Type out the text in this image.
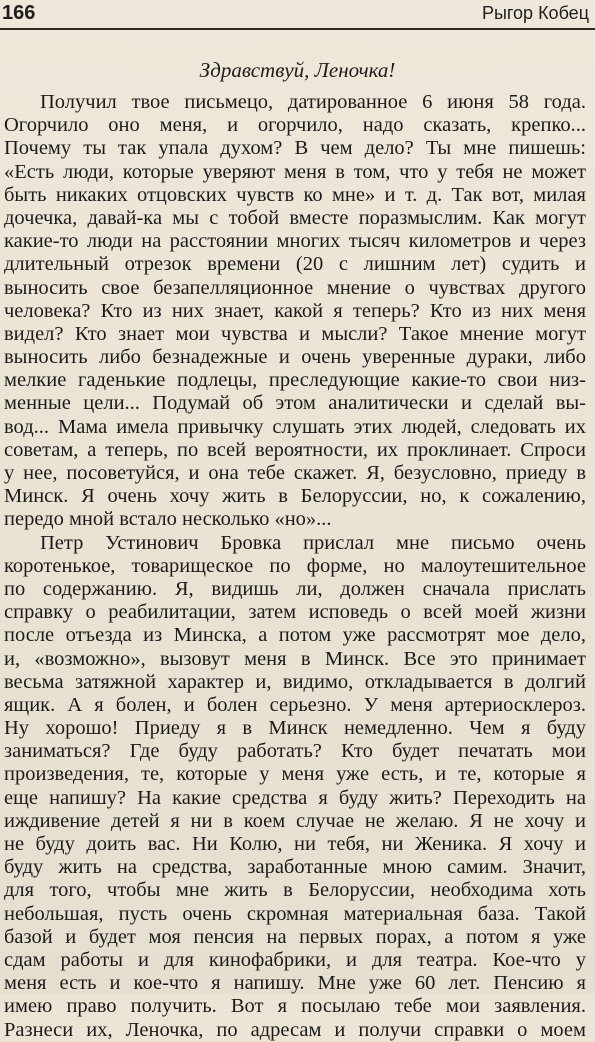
166	Рыгор Кобец
Здравствуй, Леночка!
Получил твое письмецо, датированное 6 июня 58 года.
Огорчило оно меня, и огорчило, надо сказать, крепко...
Почему ты так упала духом? В чем дело? Ты мне пишешь:
«Есть люди, которые уверяют меня в том, что у тебя не может
быть никаких отцовских чувств ко мне» и т. д. Так вот, милая
дочечка, давай-ка мы с тобой вместе поразмыслим. Как могут
какие-то люди на расстоянии многих тысяч километров и через
длительный отрезок времени (20 с лишним лет) судить и
выносить свое безапелляционное мнение о чувствах другого
человека? Кто из них знает, какой я теперь? Кто из них меня
видел? Кто знает мои чувства и мысли? Такое мнение могут
выносить либо безнадежные и очень уверенные дураки, либо
мелкие гаденькие подлецы, преследующие какие-то свои низ-
менные цели... Подумай об этом аналитически и сделай вы-
вод... Мама имела привычку слушать этих людей, следовать их
советам, а теперь, по всей вероятности, их проклинает. Спроси
у нее, посоветуйся, и она тебе скажет. Я, безусловно, приеду в
Минск. Я очень хочу жить в Белоруссии, но, к сожалению,
передо мной встало несколько «но»...
Петр Устинович Бровка прислал мне письмо очень
коротенькое, товарищеское по форме, но малоутешительное
по содержанию. Я, видишь ли, должен сначала прислать
справку о реабилитации, затем исповедь о всей моей жизни
после отъезда из Минска, а потом уже рассмотрят мое дело,
и, «возможно», вызовут меня в Минск. Все это принимает
весьма затяжной характер и, видимо, откладывается в долгий
ящик. А я болен, и болен серьезно. У меня артериосклероз.
Ну хорошо! Приеду я в Минск немедленно. Чем я буду
заниматься? Где буду работать? Кто будет печатать мои
произведения, те, которые у меня уже есть, и те, которые я
еще напишу? На какие средства я буду жить? Переходить на
иждивение детей я ни в коем случае не желаю. Я не хочу и
не буду доить вас. Ни Колю, ни тебя, ни Женика. Я хочу и
буду жить на средства, заработанные мною самим. Значит,
для того, чтобы мне жить в Белоруссии, необходима хоть
небольшая, пусть очень скромная материальная база. Такой
базой и будет моя пенсия на первых порах, а потом я уже
сдам работы и для кинофабрики, и для театра. Кое-что у
меня есть и кое-что я напишу. Мне уже 60 лет. Пенсию я
имею право получить. Вот я посылаю тебе мои заявления.
Разнеси их, Леночка, по адресам и получи справки о моем
